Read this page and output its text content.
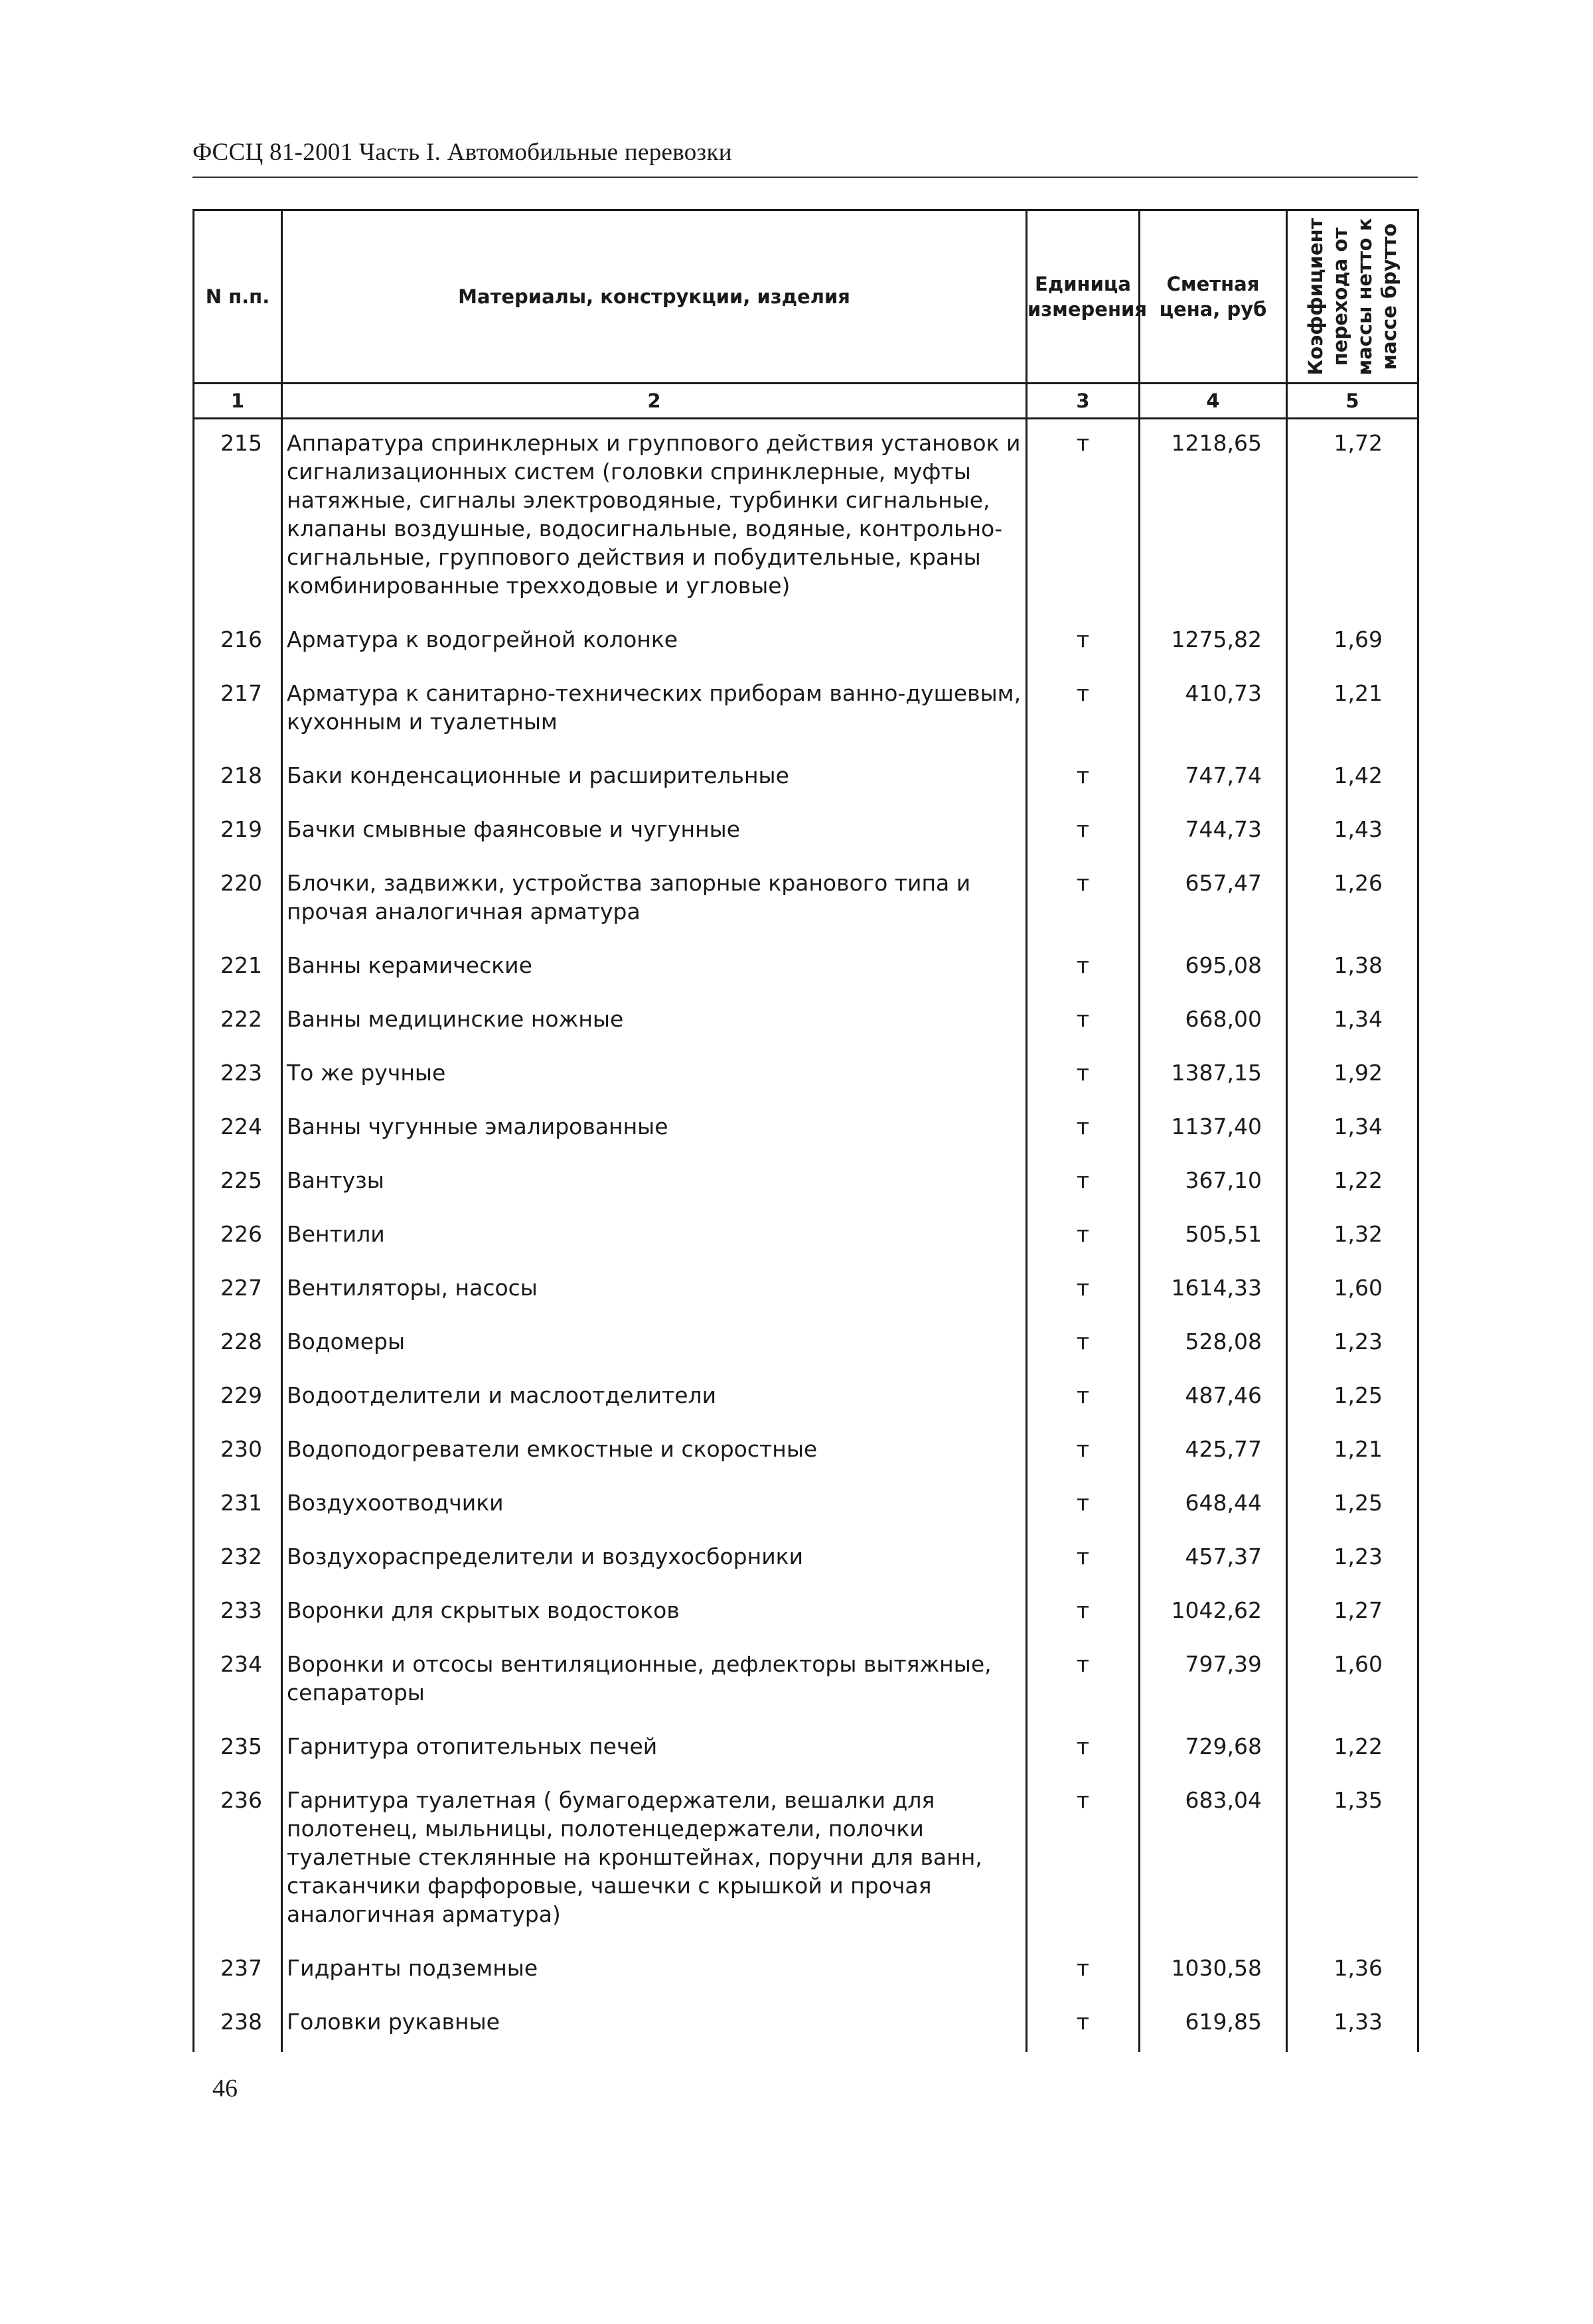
ФССЦ 81-2001 Часть I. Автомобильные перевозки
N п.п.	Материалы, конструкции, изделия	Единица измерения	Сметная цена, руб	Коэффициент перехода от массы нетто к массе брутто

1	2	3	4	5
215	Аппаратура спринклерных и группового действия установок и сигнализационных систем (головки спринклерные, муфты натяжные, сигналы электроводяные, турбинки сигнальные, клапаны воздушные, водосигнальные, водяные, контрольно-сигнальные, группового действия и побудительные, краны комбинированные трехходовые и угловые)	т	1218,65	1,72
216	Арматура к водогрейной колонке	т	1275,82	1,69
217	Арматура к санитарно-технических приборам ванно-душевым, кухонным и туалетным	т	410,73	1,21
218	Баки конденсационные и расширительные	т	747,74	1,42
219	Бачки смывные фаянсовые и чугунные	т	744,73	1,43
220	Блочки, задвижки, устройства запорные кранового типа и прочая аналогичная арматура	т	657,47	1,26
221	Ванны керамические	т	695,08	1,38
222	Ванны медицинские ножные	т	668,00	1,34
223	То же ручные	т	1387,15	1,92
224	Ванны чугунные эмалированные	т	1137,40	1,34
225	Вантузы	т	367,10	1,22
226	Вентили	т	505,51	1,32
227	Вентиляторы, насосы	т	1614,33	1,60
228	Водомеры	т	528,08	1,23
229	Водоотделители и маслоотделители	т	487,46	1,25
230	Водоподогреватели емкостные и скоростные	т	425,77	1,21
231	Воздухоотводчики	т	648,44	1,25
232	Воздухораспределители и воздухосборники	т	457,37	1,23
233	Воронки для скрытых водостоков	т	1042,62	1,27
234	Воронки и отсосы вентиляционные, дефлекторы вытяжные, сепараторы	т	797,39	1,60
235	Гарнитура отопительных печей	т	729,68	1,22
236	Гарнитура туалетная ( бумагодержатели, вешалки для полотенец, мыльницы, полотенцедержатели, полочки туалетные стеклянные на кронштейнах, поручни для ванн, стаканчики фарфоровые, чашечки с крышкой и прочая аналогичная арматура)	т	683,04	1,35
237	Гидранты подземные	т	1030,58	1,36
238	Головки рукавные	т	619,85	1,33
46
